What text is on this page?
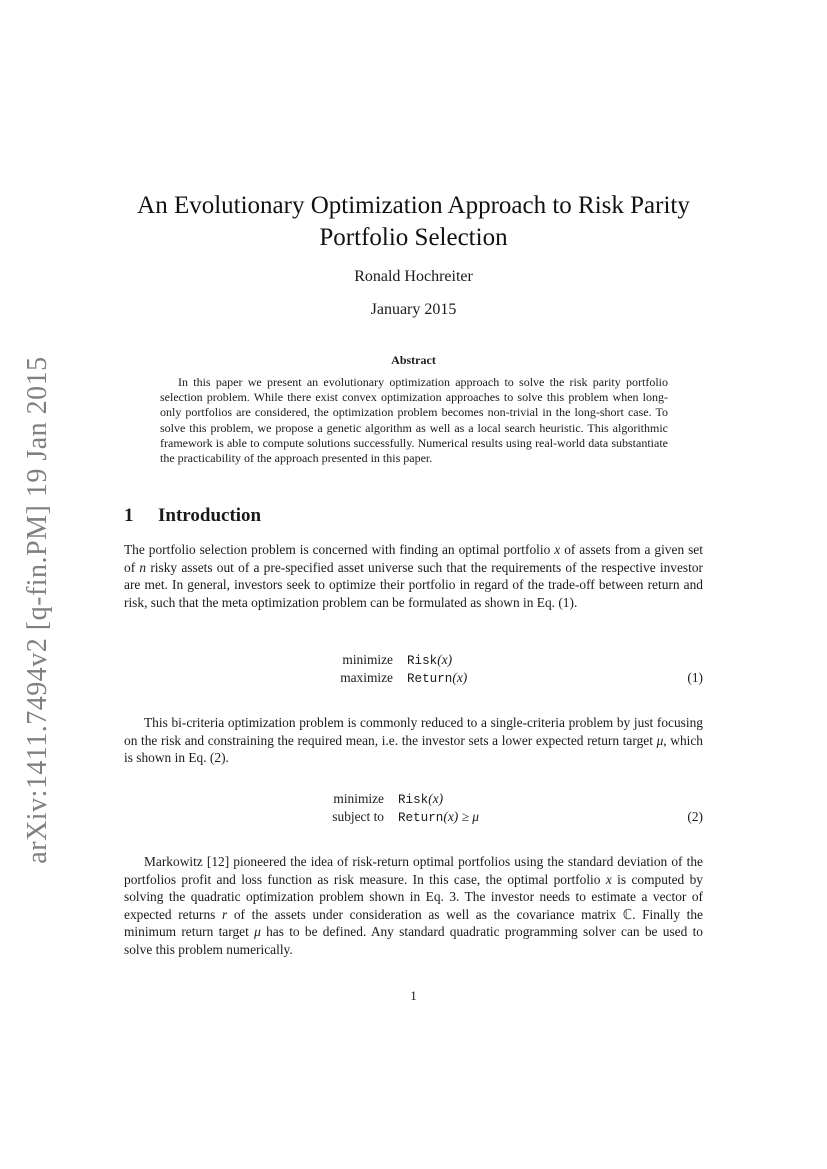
arXiv:1411.7494v2 [q-fin.PM] 19 Jan 2015
An Evolutionary Optimization Approach to Risk Parity
Portfolio Selection
Ronald Hochreiter
January 2015
Abstract

In this paper we present an evolutionary optimization approach to solve the risk parity portfolio selection problem. While there exist convex optimization approaches to solve this problem when long-only portfolios are considered, the optimization problem becomes non-trivial in the long-short case. To solve this problem, we propose a genetic algorithm as well as a local search heuristic. This algorithmic framework is able to compute solutions successfully. Numerical results using real-world data substantiate the practicability of the approach presented in this paper.

1 Introduction

The portfolio selection problem is concerned with finding an optimal portfolio x of assets from a given set of n risky assets out of a pre-specified asset universe such that the requirements of the respective investor are met. In general, investors seek to optimize their portfolio in regard of the trade-off between return and risk, such that the meta optimization problem can be formulated as shown in Eq. (1).

minimize	Risk(x)
maximize	Return(x)	(1)

This bi-criteria optimization problem is commonly reduced to a single-criteria problem by just focusing on the risk and constraining the required mean, i.e. the investor sets a lower expected return target μ, which is shown in Eq. (2).

minimize	Risk(x)
subject to	Return(x) ≥ μ	(2)

Markowitz [12] pioneered the idea of risk-return optimal portfolios using the standard deviation of the portfolios profit and loss function as risk measure. In this case, the optimal portfolio x is computed by solving the quadratic optimization problem shown in Eq. 3. The investor needs to estimate a vector of expected returns r of the assets under consideration as well as the covariance matrix ℂ. Finally the minimum return target μ has to be defined. Any standard quadratic programming solver can be used to solve this problem numerically.

1
